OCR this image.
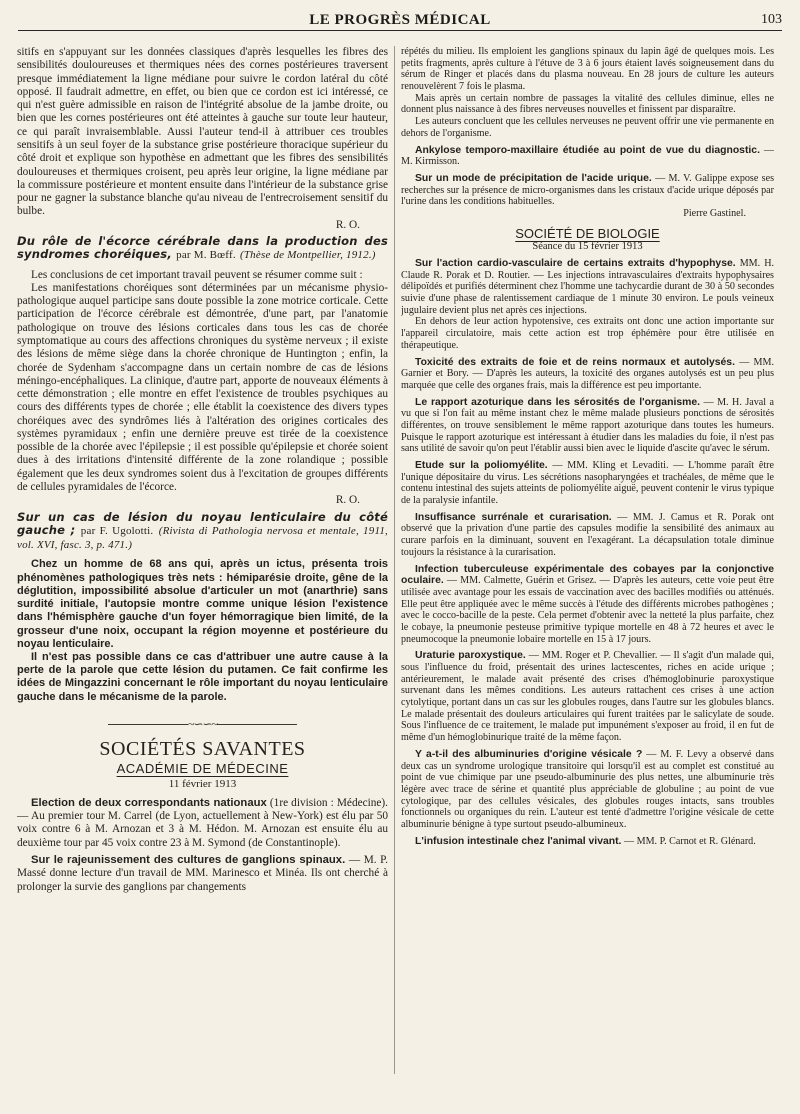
LE PROGRÈS MÉDICAL	103

sitifs en s'appuyant sur les données classiques d'après lesquelles les fibres des sensibilités douloureuses et thermiques nées des cornes postérieures traversent presque immédiatement la ligne médiane pour suivre le cordon latéral du côté opposé. Il faudrait admettre, en effet, ou bien que ce cordon est ici intéressé, ce qui n'est guère admissible en raison de l'intégrité absolue de la jambe droite, ou bien que les cornes postérieures ont été atteintes à gauche sur toute leur hauteur, ce qui paraît invraisemblable. Aussi l'auteur tend-il à attribuer ces troubles sensitifs à un seul foyer de la substance grise postérieure thoracique supérieur du côté droit et explique son hypothèse en admettant que les fibres des sensibilités douloureuses et thermiques croisent, peu après leur origine, la ligne médiane par la commissure postérieure et montent ensuite dans l'intérieur de la substance grise pour ne gagner la substance blanche qu'au niveau de l'entrecroisement sensitif du bulbe.
R. O.

Du rôle de l'écorce cérébrale dans la production des syndromes choréiques, par M. Bœff. (Thèse de Montpellier, 1912.)

Les conclusions de cet important travail peuvent se résumer comme suit :

Les manifestations choréiques sont déterminées par un mécanisme physio-pathologique auquel participe sans doute possible la zone motrice corticale. Cette participation de l'écorce cérébrale est démontrée, d'une part, par l'anatomie pathologique on trouve des lésions corticales dans tous les cas de chorée symptomatique au cours des affections chroniques du système nerveux ; il existe des lésions de même siège dans la chorée chronique de Huntington ; enfin, la chorée de Sydenham s'accompagne dans un certain nombre de cas de lésions méningo-encéphaliques. La clinique, d'autre part, apporte de nouveaux éléments à cette démonstration ; elle montre en effet l'existence de troubles psychiques au cours des différents types de chorée ; elle établit la coexistence des divers types choréiques avec des syndrômes liés à l'altération des origines corticales des systèmes pyramidaux ; enfin une dernière preuve est tirée de la coexistence possible de la chorée avec l'épilepsie ; il est possible qu'épilepsie et chorée soient dues à des irritations d'intensité différente de la zone rolandique ; possible également que les deux syndromes soient dus à l'excitation de groupes différents de cellules pyramidales de l'écorce.
R. O.

Sur un cas de lésion du noyau lenticulaire du côté gauche ; par F. Ugolotti. (Rivista di Pathologia nervosa et mentale, 1911, vol. XVI, fasc. 3, p. 471.)

Chez un homme de 68 ans qui, après un ictus, présenta trois phénomènes pathologiques très nets : hémiparésie droite, gêne de la déglutition, impossibilité absolue d'articuler un mot (anarthrie) sans surdité initiale, l'autopsie montre comme unique lésion l'existence dans l'hémisphère gauche d'un foyer hémorragique bien limité, de la grosseur d'une noix, occupant la région moyenne et postérieure du noyau lenticulaire.

Il n'est pas possible dans ce cas d'attribuer une autre cause à la perte de la parole que cette lésion du putamen. Ce fait confirme les idées de Mingazzini concernant le rôle important du noyau lenticulaire gauche dans le mécanisme de la parole.

~∽∽~
SOCIÉTÉS SAVANTES
ACADÉMIE DE MÉDECINE
11 février 1913

Election de deux correspondants nationaux (1re division : Médecine). — Au premier tour M. Carrel (de Lyon, actuellement à New-York) est élu par 50 voix contre 6 à M. Arnozan et 3 à M. Hédon. M. Arnozan est ensuite élu au deuxième tour par 45 voix contre 23 à M. Symond (de Constantinople).

Sur le rajeunissement des cultures de ganglions spinaux. — M. P. Massé donne lecture d'un travail de MM. Marinesco et Minéa. Ils ont cherché à prolonger la survie des ganglions par changements

répétés du milieu. Ils emploient les ganglions spinaux du lapin âgé de quelques mois. Les petits fragments, après culture à l'étuve de 3 à 6 jours étaient lavés soigneusement dans du sérum de Ringer et placés dans du plasma nouveau. En 28 jours de culture les auteurs renouvelèrent 7 fois le plasma.

Mais après un certain nombre de passages la vitalité des cellules diminue, elles ne donnent plus naissance à des fibres nerveuses nouvelles et finissent par disparaître.

Les auteurs concluent que les cellules nerveuses ne peuvent offrir une vie permanente en dehors de l'organisme.

Ankylose temporo-maxillaire étudiée au point de vue du diagnostic. — M. Kirmisson.

Sur un mode de précipitation de l'acide urique. — M. V. Galippe expose ses recherches sur la présence de micro-organismes dans les cristaux d'acide urique déposés par l'urine dans les conditions habituelles.
Pierre Gastinel.

SOCIÉTÉ DE BIOLOGIE
Séance du 15 février 1913

Sur l'action cardio-vasculaire de certains extraits d'hypophyse. MM. H. Claude R. Porak et D. Routier. — Les injections intravasculaires d'extraits hypophysaires délipoïdés et purifiés déterminent chez l'homme une tachycardie durant de 30 à 50 secondes suivie d'une phase de ralentissement cardiaque de 1 minute 30 environ. Le pouls veineux jugulaire devient plus net après ces injections.

En dehors de leur action hypotensive, ces extraits ont donc une action importante sur l'appareil circulatoire, mais cette action est trop éphémère pour être utilisée en thérapeutique.

Toxicité des extraits de foie et de reins normaux et autolysés. — MM. Garnier et Bory. — D'après les auteurs, la toxicité des organes autolysés est un peu plus marquée que celle des organes frais, mais la différence est peu importante.

Le rapport azoturique dans les sérosités de l'organisme. — M. H. Javal a vu que si l'on fait au même instant chez le même malade plusieurs ponctions de sérosités différentes, on trouve sensiblement le même rapport azoturique dans toutes les humeurs. Puisque le rapport azoturique est intéressant à étudier dans les maladies du foie, il n'est pas sans utilité de savoir qu'on peut l'établir aussi bien avec le liquide d'ascite qu'avec le sérum.

Etude sur la poliomyélite. — MM. Kling et Levaditi. — L'homme paraît être l'unique dépositaire du virus. Les sécrétions nasopharyngées et trachéales, de même que le contenu intestinal des sujets atteints de poliomyélite aiguë, peuvent contenir le virus typique de la paralysie infantile.

Insuffisance surrénale et curarisation. — MM. J. Camus et R. Porak ont observé que la privation d'une partie des capsules modifie la sensibilité des animaux au curare parfois en la diminuant, souvent en l'exagérant. La décapsulation totale diminue toujours la résistance à la curarisation.

Infection tuberculeuse expérimentale des cobayes par la conjonctive oculaire. — MM. Calmette, Guérin et Grisez. — D'après les auteurs, cette voie peut être utilisée avec avantage pour les essais de vaccination avec des bacilles modifiés ou atténués. Elle peut être appliquée avec le même succès à l'étude des différents microbes pathogènes ; avec le cocco-bacille de la peste. Cela permet d'obtenir avec la netteté la plus parfaite, chez le cobaye, la pneumonie pesteuse primitive typique mortelle en 48 à 72 heures et avec le pneumocoque la pneumonie lobaire mortelle en 15 à 17 jours.

Uraturie paroxystique. — MM. Roger et P. Chevallier. — Il s'agit d'un malade qui, sous l'influence du froid, présentait des urines lactescentes, riches en acide urique ; antérieurement, le malade avait présenté des crises d'hémoglobinurie paroxystique survenant dans les mêmes conditions. Les auteurs rattachent ces crises à une action cytolytique, portant dans un cas sur les globules rouges, dans l'autre sur les globules blancs. Le malade présentait des douleurs articulaires qui furent traitées par le salicylate de soude. Sous l'influence de ce traitement, le malade put impunément s'exposer au froid, il en fut de même d'un hémoglobinurique traité de la même façon.

Y a-t-il des albuminuries d'origine vésicale ? — M. F. Levy a observé dans deux cas un syndrome urologique transitoire qui lorsqu'il est au complet est constitué au point de vue chimique par une pseudo-albuminurie des plus nettes, une albuminurie très légère avec trace de sérine et quantité plus appréciable de globuline ; au point de vue cytologique, par des cellules vésicales, des globules rouges intacts, sans troubles fonctionnels ou organiques du rein. L'auteur est tenté d'admettre l'origine vésicale de cette albuminurie bénigne à type surtout pseudo-albumineux.

L'infusion intestinale chez l'animal vivant. — MM. P. Carnot et R. Glénard.
